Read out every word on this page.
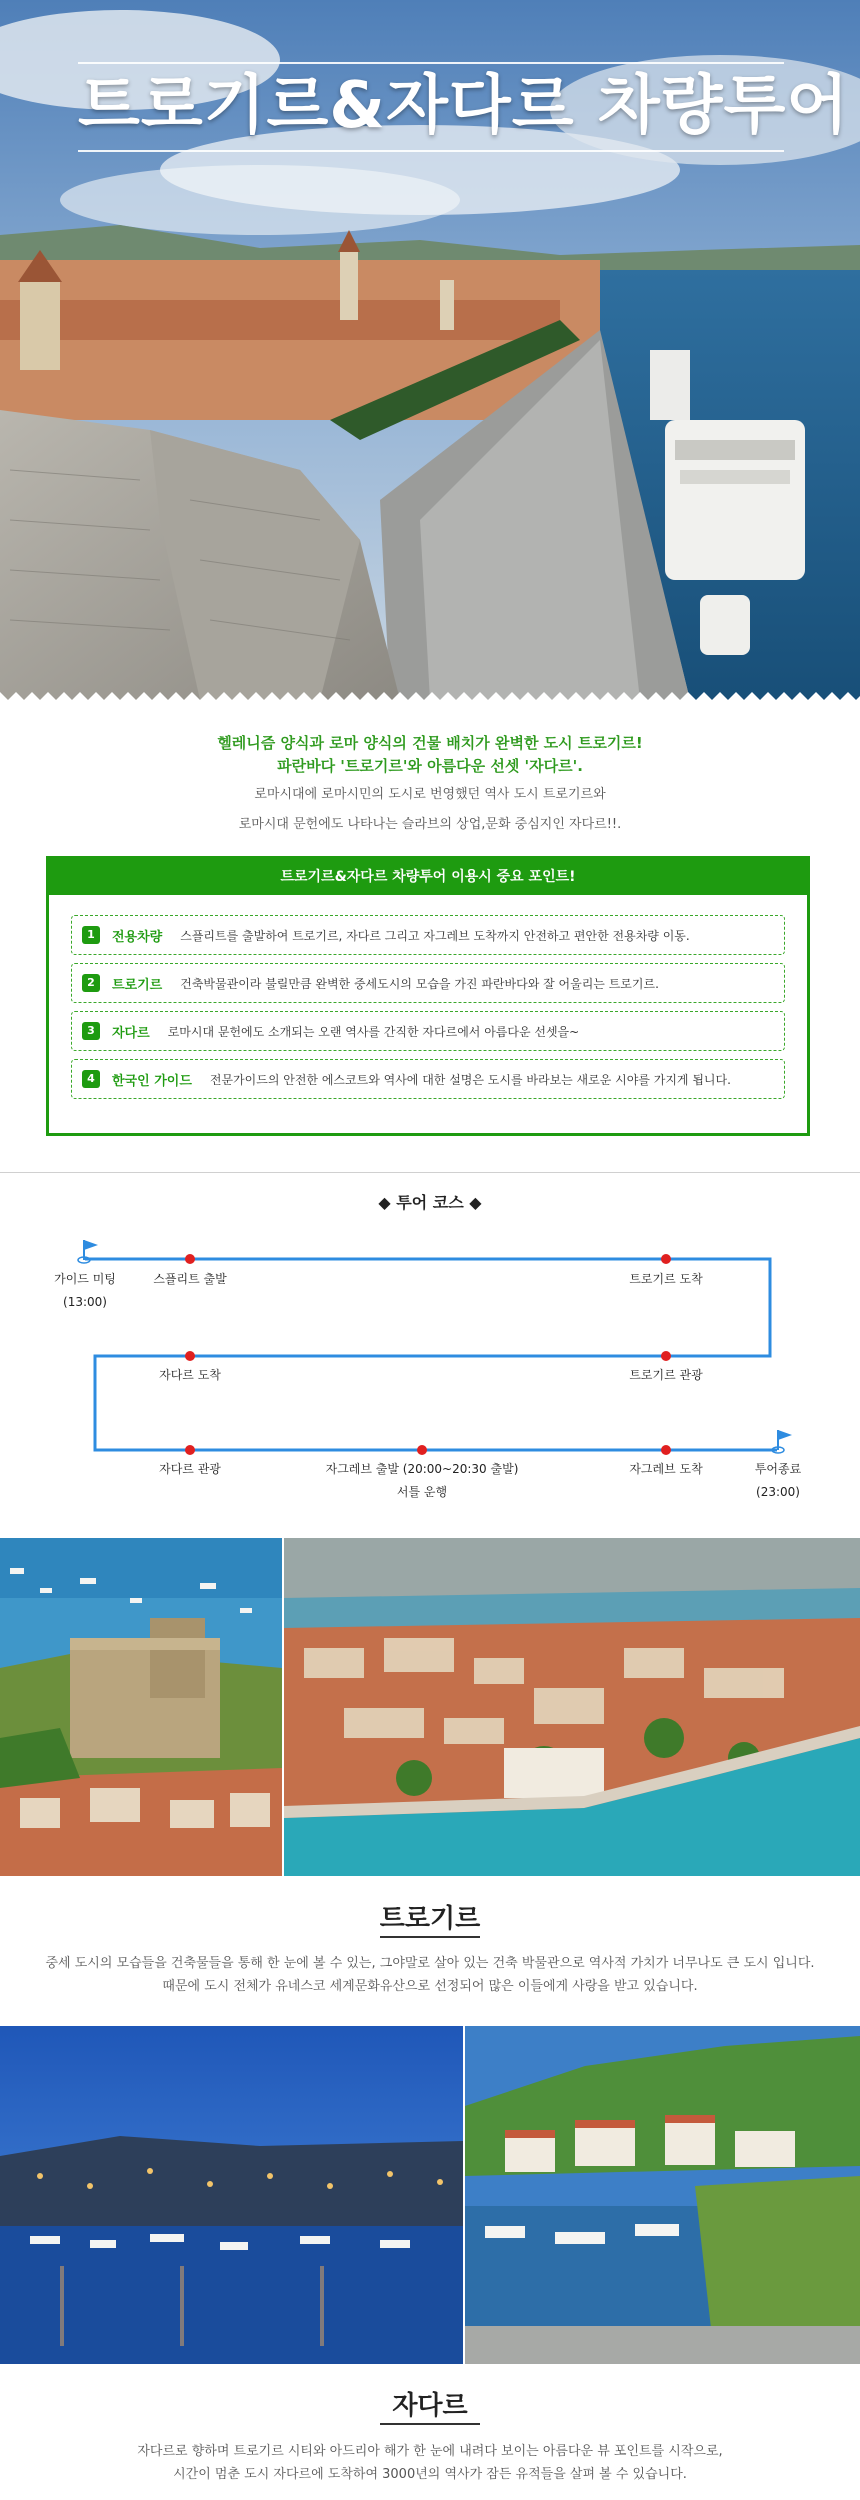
트로기르&자다르 차량투어
헬레니즘 양식과 로마 양식의 건물 배치가 완벽한 도시 트로기르!
파란바다 '트로기르'와 아름다운 선셋 '자다르'.
로마시대에 로마시민의 도시로 번영했던 역사 도시 트로기르와
로마시대 문헌에도 나타나는 슬라브의 상업,문화 중심지인 자다르!!.
트로기르&자다르 차량투어 이용시 중요 포인트!
1	전용차량 스플리트를 출발하여 트로기르, 자다르 그리고 자그레브 도착까지 안전하고 편안한 전용차량 이동.
2	트로기르 건축박물관이라 불릴만큼 완벽한 중세도시의 모습을 가진 파란바다와 잘 어울리는 트로기르.
3	자다르 로마시대 문헌에도 소개되는 오랜 역사를 간직한 자다르에서 아름다운 선셋을~
4	한국인 가이드 전문가이드의 안전한 에스코트와 역사에 대한 설명은 도시를 바라보는 새로운 시야를 가지게 됩니다.
◆ 투어 코스 ◆
가이드 미팅
(13:00)
스플리트 출발	트로기르 도착
자다르 도착	트로기르 관광
자다르 관광	자그레브 출발 (20:00~20:30 출발)
서틀 운행
자그레브 도착	투어종료
(23:00)
트로기르
중세 도시의 모습들을 건축물들을 통해 한 눈에 볼 수 있는, 그야말로 살아 있는 건축 박물관으로 역사적 가치가 너무나도 큰 도시 입니다.
때문에 도시 전체가 유네스코 세계문화유산으로 선정되어 많은 이들에게 사랑을 받고 있습니다.
자다르
자다르로 향하며 트로기르 시티와 아드리아 해가 한 눈에 내려다 보이는 아름다운 뷰 포인트를 시작으로,
시간이 멈춘 도시 자다르에 도착하여 3000년의 역사가 잠든 유적들을 살펴 볼 수 있습니다.
